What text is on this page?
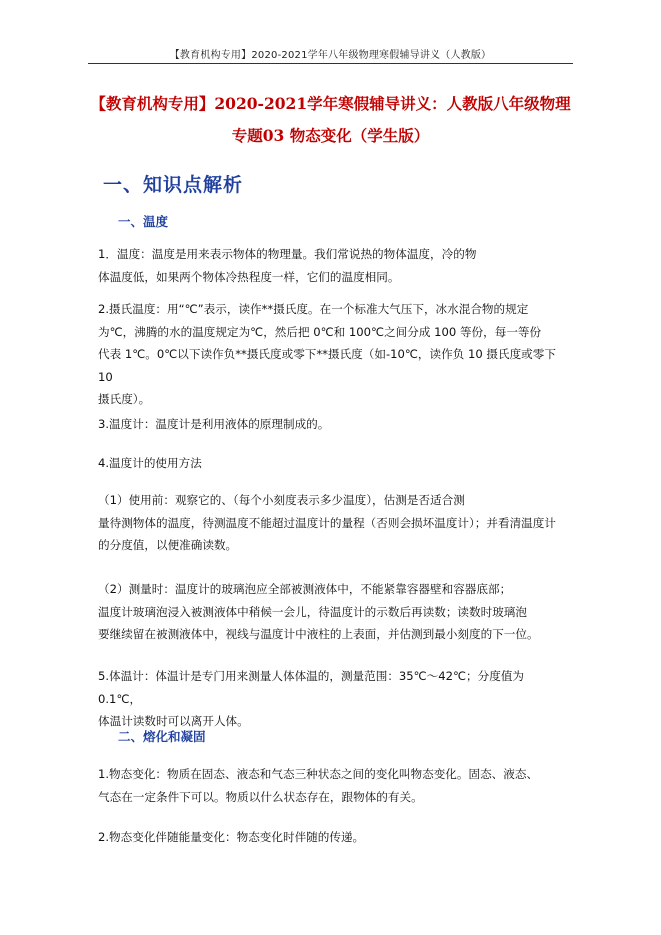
【教育机构专用】2020-2021学年八年级物理寒假辅导讲义（人教版）
【教育机构专用】2020-2021学年寒假辅导讲义：人教版八年级物理
专题03 物态变化（学生版）
一、知识点解析
一、温度

1．温度：温度是用来表示物体的物理量。我们常说热的物体温度，冷的物
体温度低，如果两个物体冷热程度一样，它们的温度相同。

2.摄氏温度：用“℃”表示，读作**摄氏度。在一个标准大气压下，冰水混合物的规定
为℃，沸腾的水的温度规定为℃，然后把 0℃和 100℃之间分成 100 等份，每一等份
代表 1℃。0℃以下读作负**摄氏度或零下**摄氏度（如-10℃，读作负 10 摄氏度或零下 10
摄氏度）。

3.温度计：温度计是利用液体的原理制成的。

4.温度计的使用方法

（1）使用前：观察它的、（每个小刻度表示多少温度），估测是否适合测
量待测物体的温度，待测温度不能超过温度计的量程（否则会损坏温度计）；并看清温度计
的分度值，以便准确读数。

（2）测量时：温度计的玻璃泡应全部被测液体中，不能紧靠容器壁和容器底部；
温度计玻璃泡浸入被测液体中稍候一会儿，待温度计的示数后再读数；读数时玻璃泡
要继续留在被测液体中，视线与温度计中液柱的上表面，并估测到最小刻度的下一位。

5.体温计：体温计是专门用来测量人体体温的，测量范围：35℃～42℃；分度值为 0.1℃，
体温计读数时可以离开人体。

二、熔化和凝固

1.物态变化：物质在固态、液态和气态三种状态之间的变化叫物态变化。固态、液态、
气态在一定条件下可以。物质以什么状态存在，跟物体的有关。

2.物态变化伴随能量变化：物态变化时伴随的传递。
